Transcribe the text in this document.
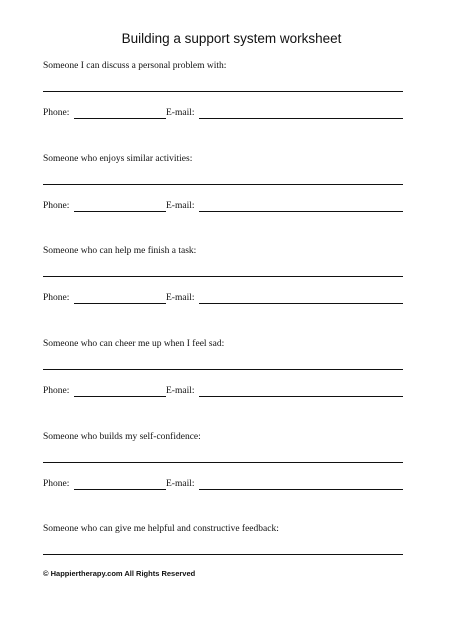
Building a support system worksheet
Someone I can discuss a personal problem with:
Phone:	E-mail:
Someone who enjoys similar activities:
Phone:	E-mail:
Someone who can help me finish a task:
Phone:	E-mail:
Someone who can cheer me up when I feel sad:
Phone:	E-mail:
Someone who builds my self-confidence:
Phone:	E-mail:
Someone who can give me helpful and constructive feedback:
© Happiertherapy.com All Rights Reserved
